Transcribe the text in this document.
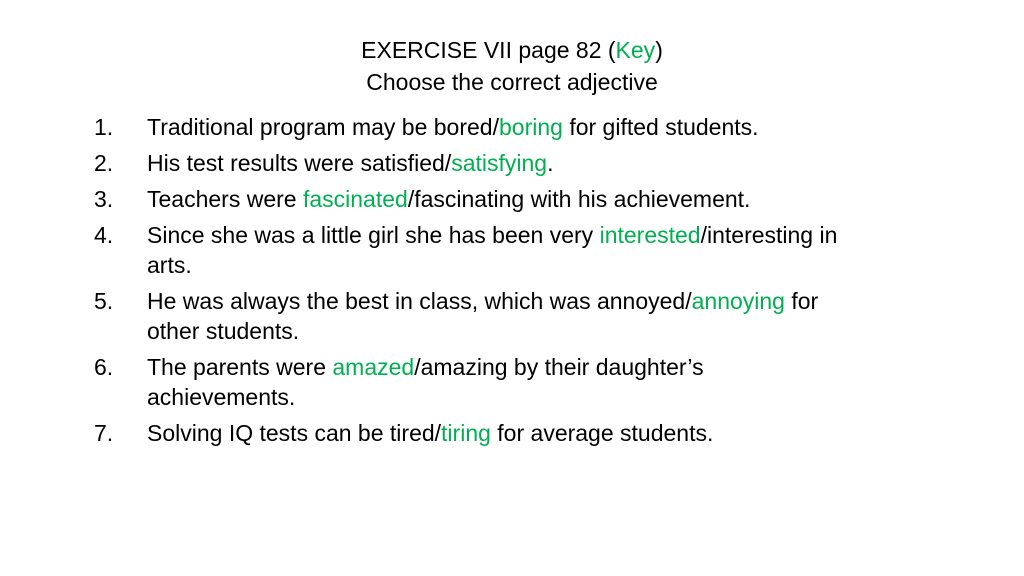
EXERCISE VII page 82 (Key)
Choose the correct adjective
1.	Traditional program may be bored/boring for gifted students.
2.	His test results were satisfied/satisfying.
3.	Teachers were fascinated/fascinating with his achievement.
4.	Since she was a little girl she has been very interested/interesting in arts.
5.	He was always the best in class, which was annoyed/annoying for other students.
6.	The parents were amazed/amazing by their daughter’s achievements.
7.	Solving IQ tests can be tired/tiring for average students.
